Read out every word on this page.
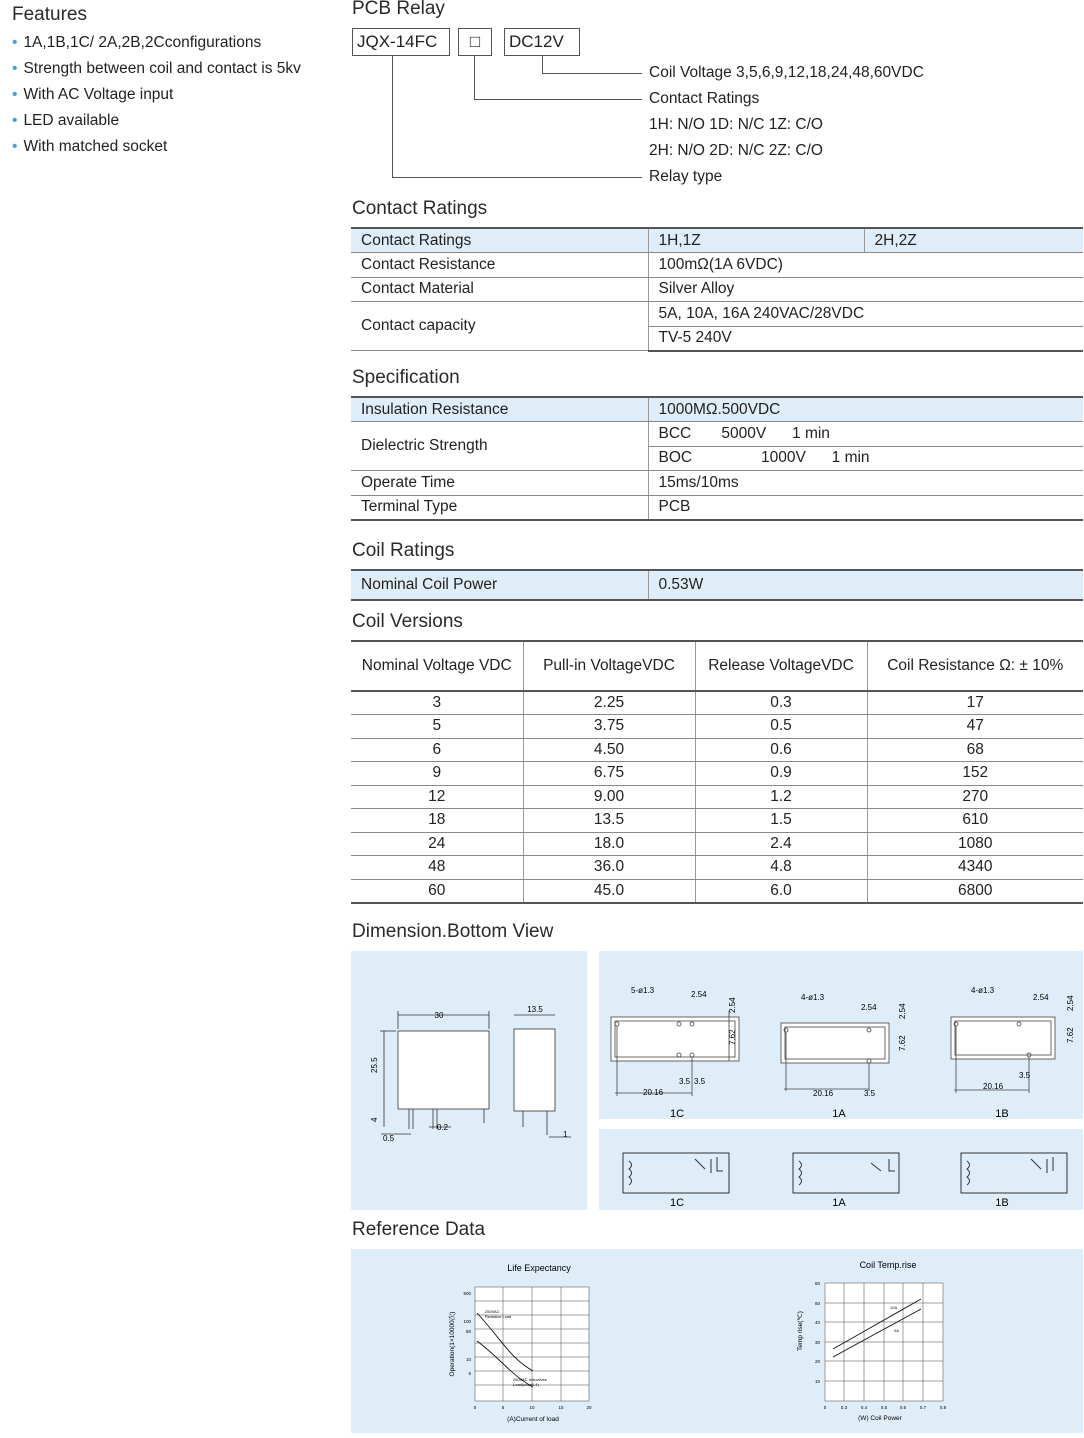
Features
• 1A,1B,1C/ 2A,2B,2Cconfigurations
• Strength between coil and contact is 5kv
• With AC Voltage input
• LED available
• With matched socket
PCB Relay
JQX-14FC	□	DC12V
Coil Voltage 3,5,6,9,12,18,24,48,60VDC
Contact Ratings
1H: N/O 1D: N/C 1Z: C/O
2H: N/O 2D: N/C 2Z: C/O
Relay type
Contact Ratings
Contact Ratings	1H,1Z	2H,2Z
Contact Resistance	100mΩ(1A 6VDC)	
Contact Material	Silver Alloy	
Contact capacity	5A, 10A, 16A 240VAC/28VDC	
	TV-5 240V	
Specification
Insulation Resistance	1000MΩ.500VDC
Dielectric Strength	BCC       5000V      1 min
	BOC                1000V      1 min
Operate Time	15ms/10ms
Terminal Type	PCB
Coil Ratings
Nominal Coil Power	0.53W
Coil Versions
Nominal Voltage VDC	Pull-in VoltageVDC	Release VoltageVDC	Coil Resistance Ω: ± 10%
3	2.25	0.3	17
5	3.75	0.5	47
6	4.50	0.6	68
9	6.75	0.9	152
12	9.00	1.2	270
18	13.5	1.5	610
24	18.0	2.4	1080
48	36.0	4.8	4340
60	45.0	6.0	6800
Dimension.Bottom View
30
13.5
25.5
4
0.5
0.2
1
5-ø1.3	2.54
2.54
7.62
20.16
3.5 3.5
1C
4-ø1.3
2.54	2.54
7.62
20.16	3.5
1A
4-ø1.3
2.54 2.54
7.62
20.16
3.5
1B
1C	1A	1B
Reference Data
Life Expectancy
250VAC
Resistive Load
250VAC Inductives
Load(cosø0.4)
500
100
50
10
5
0	5	10	15	20
(A)Current of load
Operation(1×10000次)
Coil Temp.rise
10A
0A
60
50
40
30
20
10
0	0.3	0.4	0.5	0.6	0.7	0.8
(W) Coil Power
Temp rise(℃)
